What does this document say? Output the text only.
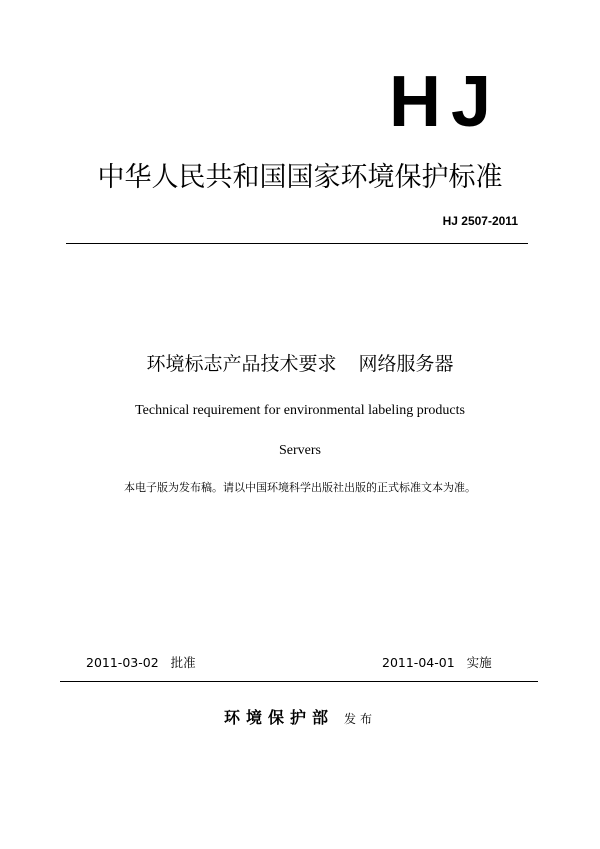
HJ
中华人民共和国国家环境保护标准
HJ 2507-2011
环境标志产品技术要求 网络服务器
Technical requirement for environmental labeling products
Servers
本电子版为发布稿。请以中国环境科学出版社出版的正式标准文本为准。
2011-03-02 批准	2011-04-01 实施
环境保护部 发布
